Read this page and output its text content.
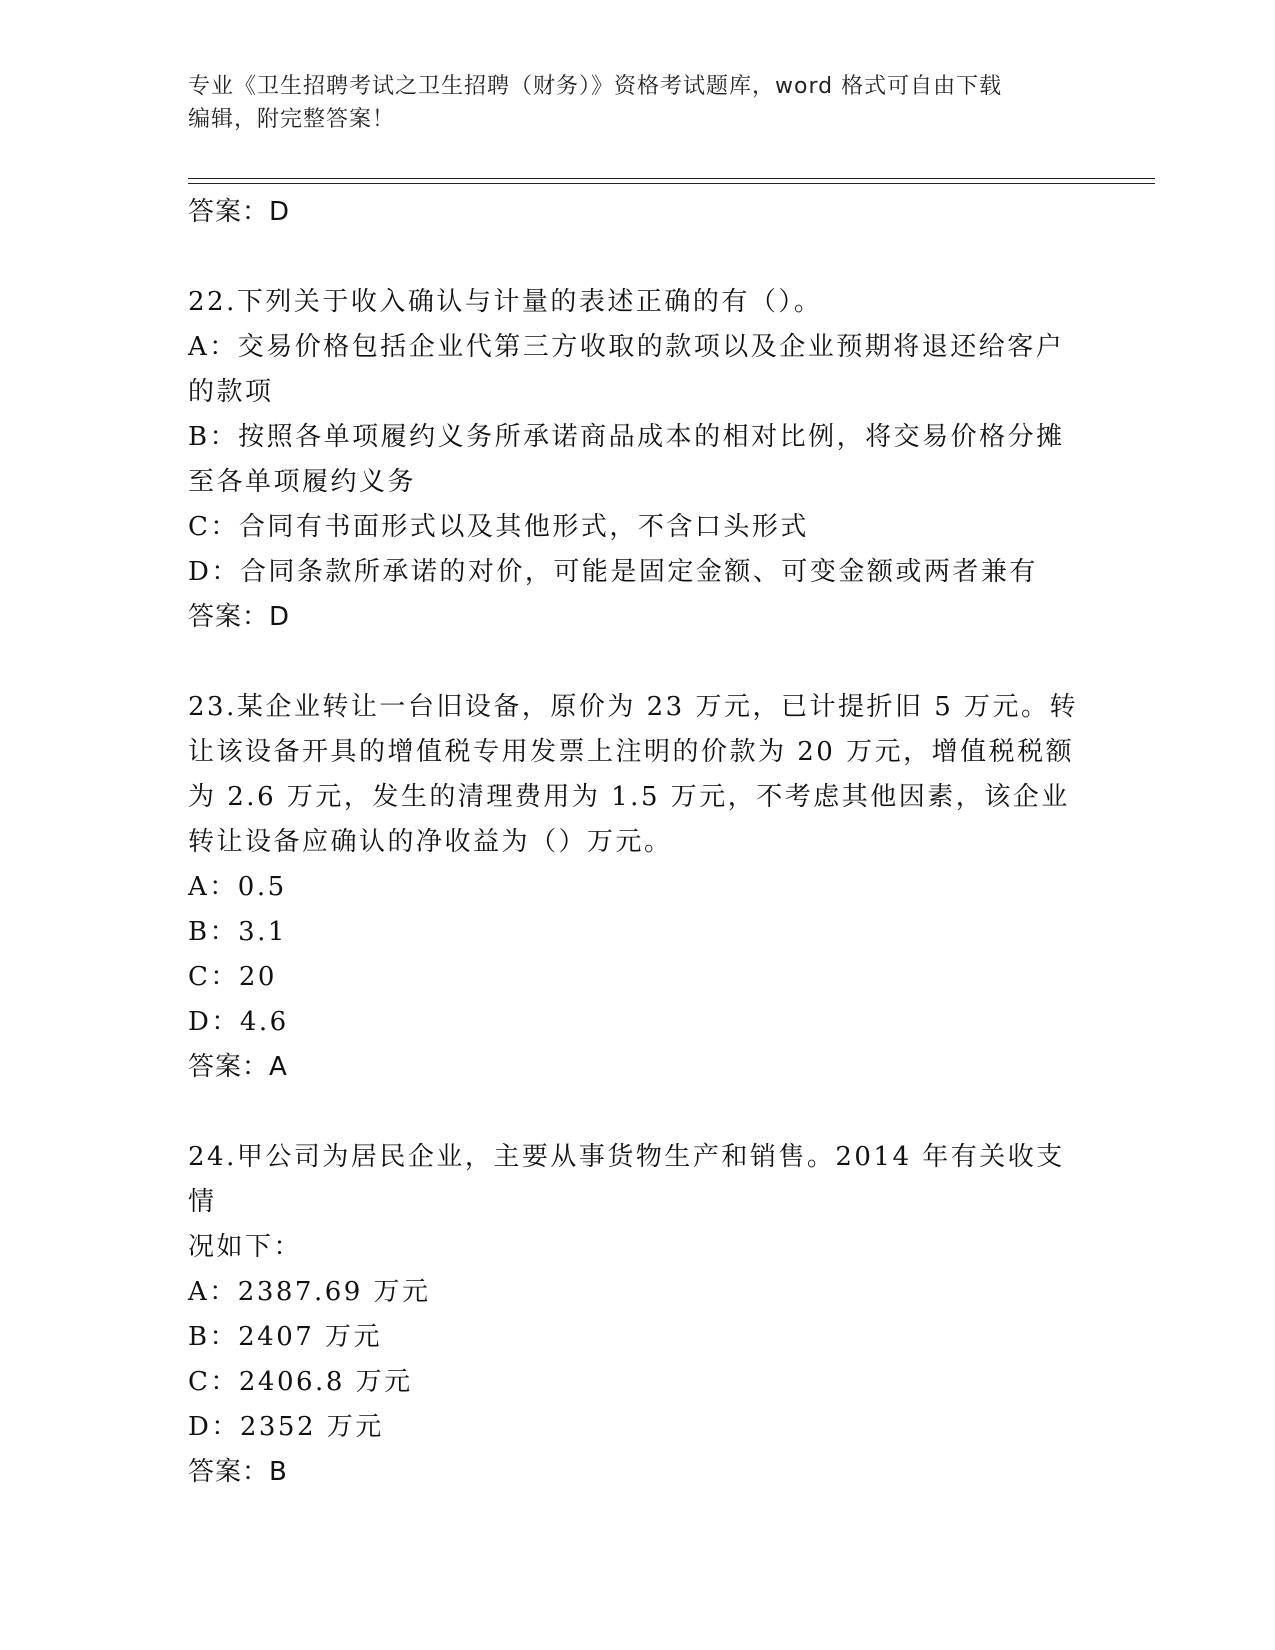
专业《卫生招聘考试之卫生招聘（财务）》资格考试题库，word 格式可自由下载
编辑，附完整答案！
答案：D
22.下列关于收入确认与计量的表述正确的有（）。
A：交易价格包括企业代第三方收取的款项以及企业预期将退还给客户
的款项
B：按照各单项履约义务所承诺商品成本的相对比例，将交易价格分摊
至各单项履约义务
C：合同有书面形式以及其他形式，不含口头形式
D：合同条款所承诺的对价，可能是固定金额、可变金额或两者兼有
答案：D
23.某企业转让一台旧设备，原价为 23 万元，已计提折旧 5 万元。转
让该设备开具的增值税专用发票上注明的价款为 20 万元，增值税税额
为 2.6 万元，发生的清理费用为 1.5 万元，不考虑其他因素，该企业
转让设备应确认的净收益为（）万元。
A：0.5
B：3.1
C：20
D：4.6
答案：A
24.甲公司为居民企业，主要从事货物生产和销售。2014 年有关收支情
况如下：
A：2387.69 万元
B：2407 万元
C：2406.8 万元
D：2352 万元
答案：B
